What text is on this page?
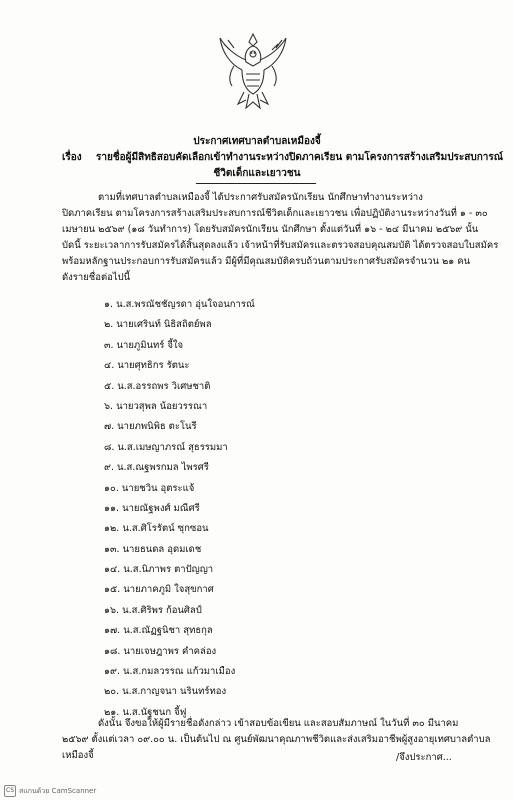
ประกาศเทศบาลตำบลเหมืองจี้
เรื่อง รายชื่อผู้มีสิทธิสอบคัดเลือกเข้าทำงานระหว่างปิดภาคเรียน ตามโครงการสร้างเสริมประสบการณ์
ชีวิตเด็กและเยาวชน
ตามที่เทศบาลตำบลเหมืองจี้ ได้ประกาศรับสมัครนักเรียน นักศึกษาทำงานระหว่าง
ปิดภาคเรียน ตามโครงการสร้างเสริมประสบการณ์ชีวิตเด็กและเยาวชน เพื่อปฏิบัติงานระหว่างวันที่ ๑ - ๓๐
เมษายน ๒๕๖๙ (๑๘ วันทำการ) โดยรับสมัครนักเรียน นักศึกษา ตั้งแต่วันที่ ๑๖ - ๒๔ มีนาคม ๒๕๖๙ นั้น
บัดนี้ ระยะเวลาการรับสมัครได้สิ้นสุดลงแล้ว เจ้าหน้าที่รับสมัครและตรวจสอบคุณสมบัติ ได้ตรวจสอบใบสมัคร
พร้อมหลักฐานประกอบการรับสมัครแล้ว มีผู้ที่มีคุณสมบัติครบถ้วนตามประกาศรับสมัครจำนวน ๒๑ คน
ดังรายชื่อต่อไปนี้
๑. น.ส.พรณัชชัญรดา อุ่นใจอนการณ์
๒. นายเศรินท์ นิธิสถิตย์พล
๓. นายภูมินทร์ จี้ใจ
๔. นายศุทธิกร รัตนะ
๕. น.ส.อรรถพร วิเศษชาติ
๖. นายวสุพล น้อยวรรณา
๗. นายภพนิพิธ ตะโนรี
๘. น.ส.เมษญาภรณ์ สุธรรมมา
๙. น.ส.ณฐพรกมล ไพรศรี
๑๐. นายชวิน อุตระแจ้
๑๑. นายณัฐพงศ์ มณีศรี
๑๒. น.ส.ศิโรรัตน์ ซุกซอน
๑๓. นายธนดล อุดมเดช
๑๔. น.ส.นิภาพร ตาปัญญา
๑๕. นายภาคภูมิ ใจสุขกาศ
๑๖. น.ส.ศิริพร ก้อนศิลป์
๑๗. น.ส.ณัฏฐนิชา สุทธกุล
๑๘. นายเจษฎาพร คำคล่อง
๑๙. น.ส.กมลวรรณ แก้วมาเมือง
๒๐. น.ส.กาญจนา นรินทร์ทอง
๒๑. น.ส.นัฐชนก จี้ฟู
ดังนั้น จึงขอให้ผู้มีรายชื่อดังกล่าว เข้าสอบข้อเขียน และสอบสัมภาษณ์ ในวันที่ ๓๐ มีนาคม
๒๕๖๙ ตั้งแต่เวลา ๐๙.๐๐ น. เป็นต้นไป ณ ศูนย์พัฒนาคุณภาพชีวิตและส่งเสริมอาชีพผู้สูงอายุเทศบาลตำบล
เหมืองจี้	/จึงประกาศ...
CS สแกนด้วย CamScanner
